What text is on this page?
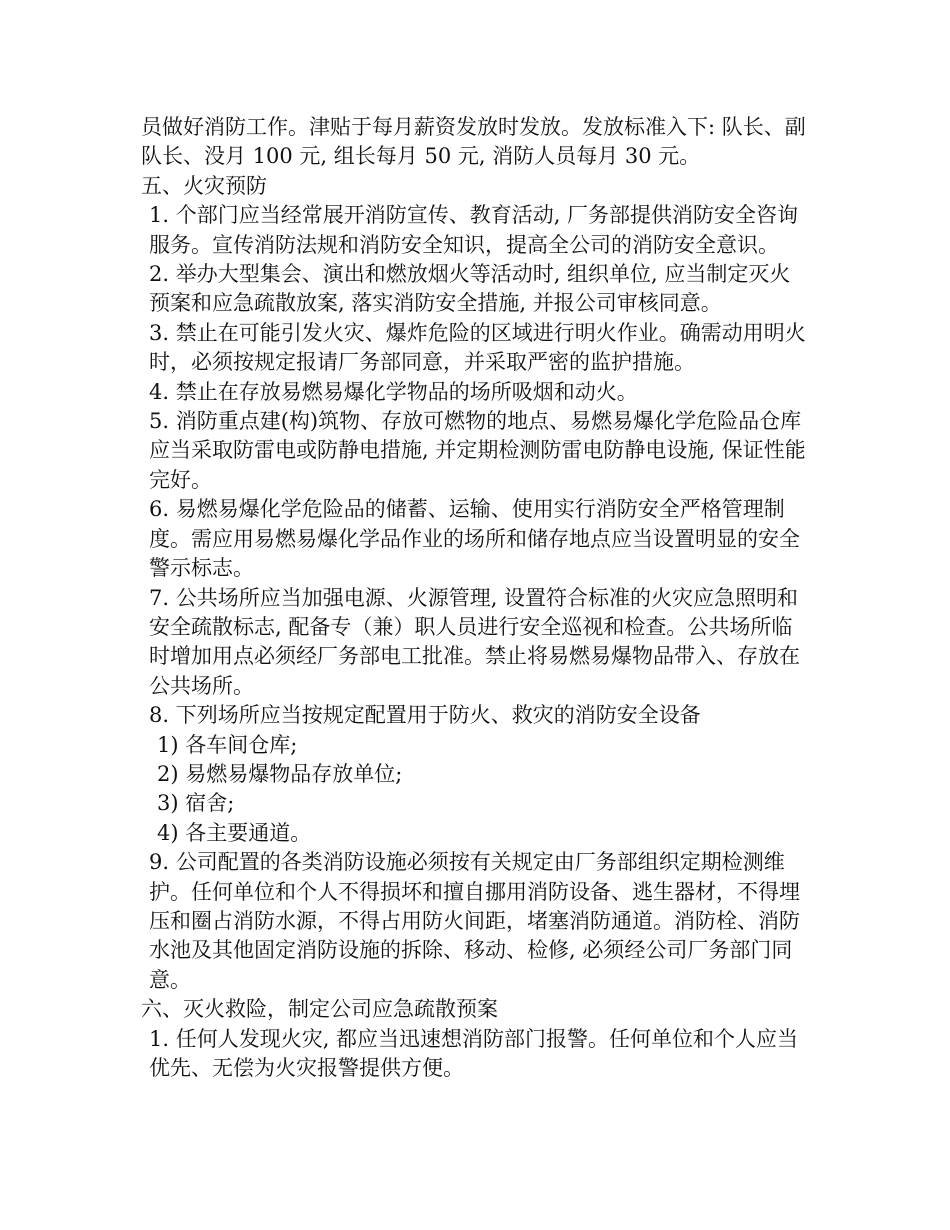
员做好消防工作。津贴于每月薪资发放时发放。发放标准入下: 队长、副队长、没月 100 元, 组长每月 50 元, 消防人员每月 30 元。

五、火灾预防

1. 个部门应当经常展开消防宣传、教育活动, 厂务部提供消防安全咨询服务。宣传消防法规和消防安全知识，提高全公司的消防安全意识。

2. 举办大型集会、演出和燃放烟火等活动时, 组织单位, 应当制定灭火预案和应急疏散放案, 落实消防安全措施, 并报公司审核同意。

3. 禁止在可能引发火灾、爆炸危险的区域进行明火作业。确需动用明火时，必须按规定报请厂务部同意，并采取严密的监护措施。

4. 禁止在存放易燃易爆化学物品的场所吸烟和动火。

5. 消防重点建(构)筑物、存放可燃物的地点、易燃易爆化学危险品仓库应当采取防雷电或防静电措施, 并定期检测防雷电防静电设施, 保证性能完好。

6. 易燃易爆化学危险品的储蓄、运输、使用实行消防安全严格管理制度。需应用易燃易爆化学品作业的场所和储存地点应当设置明显的安全警示标志。

7. 公共场所应当加强电源、火源管理, 设置符合标准的火灾应急照明和安全疏散标志, 配备专（兼）职人员进行安全巡视和检查。公共场所临时增加用点必须经厂务部电工批准。禁止将易燃易爆物品带入、存放在公共场所。

8. 下列场所应当按规定配置用于防火、救灾的消防安全设备

1) 各车间仓库;

2) 易燃易爆物品存放单位;

3) 宿舍;

4) 各主要通道。

9. 公司配置的各类消防设施必须按有关规定由厂务部组织定期检测维护。任何单位和个人不得损坏和擅自挪用消防设备、逃生器材，不得埋压和圈占消防水源，不得占用防火间距，堵塞消防通道。消防栓、消防水池及其他固定消防设施的拆除、移动、检修, 必须经公司厂务部门同意。

六、灭火救险，制定公司应急疏散预案

1. 任何人发现火灾, 都应当迅速想消防部门报警。任何单位和个人应当优先、无偿为火灾报警提供方便。
